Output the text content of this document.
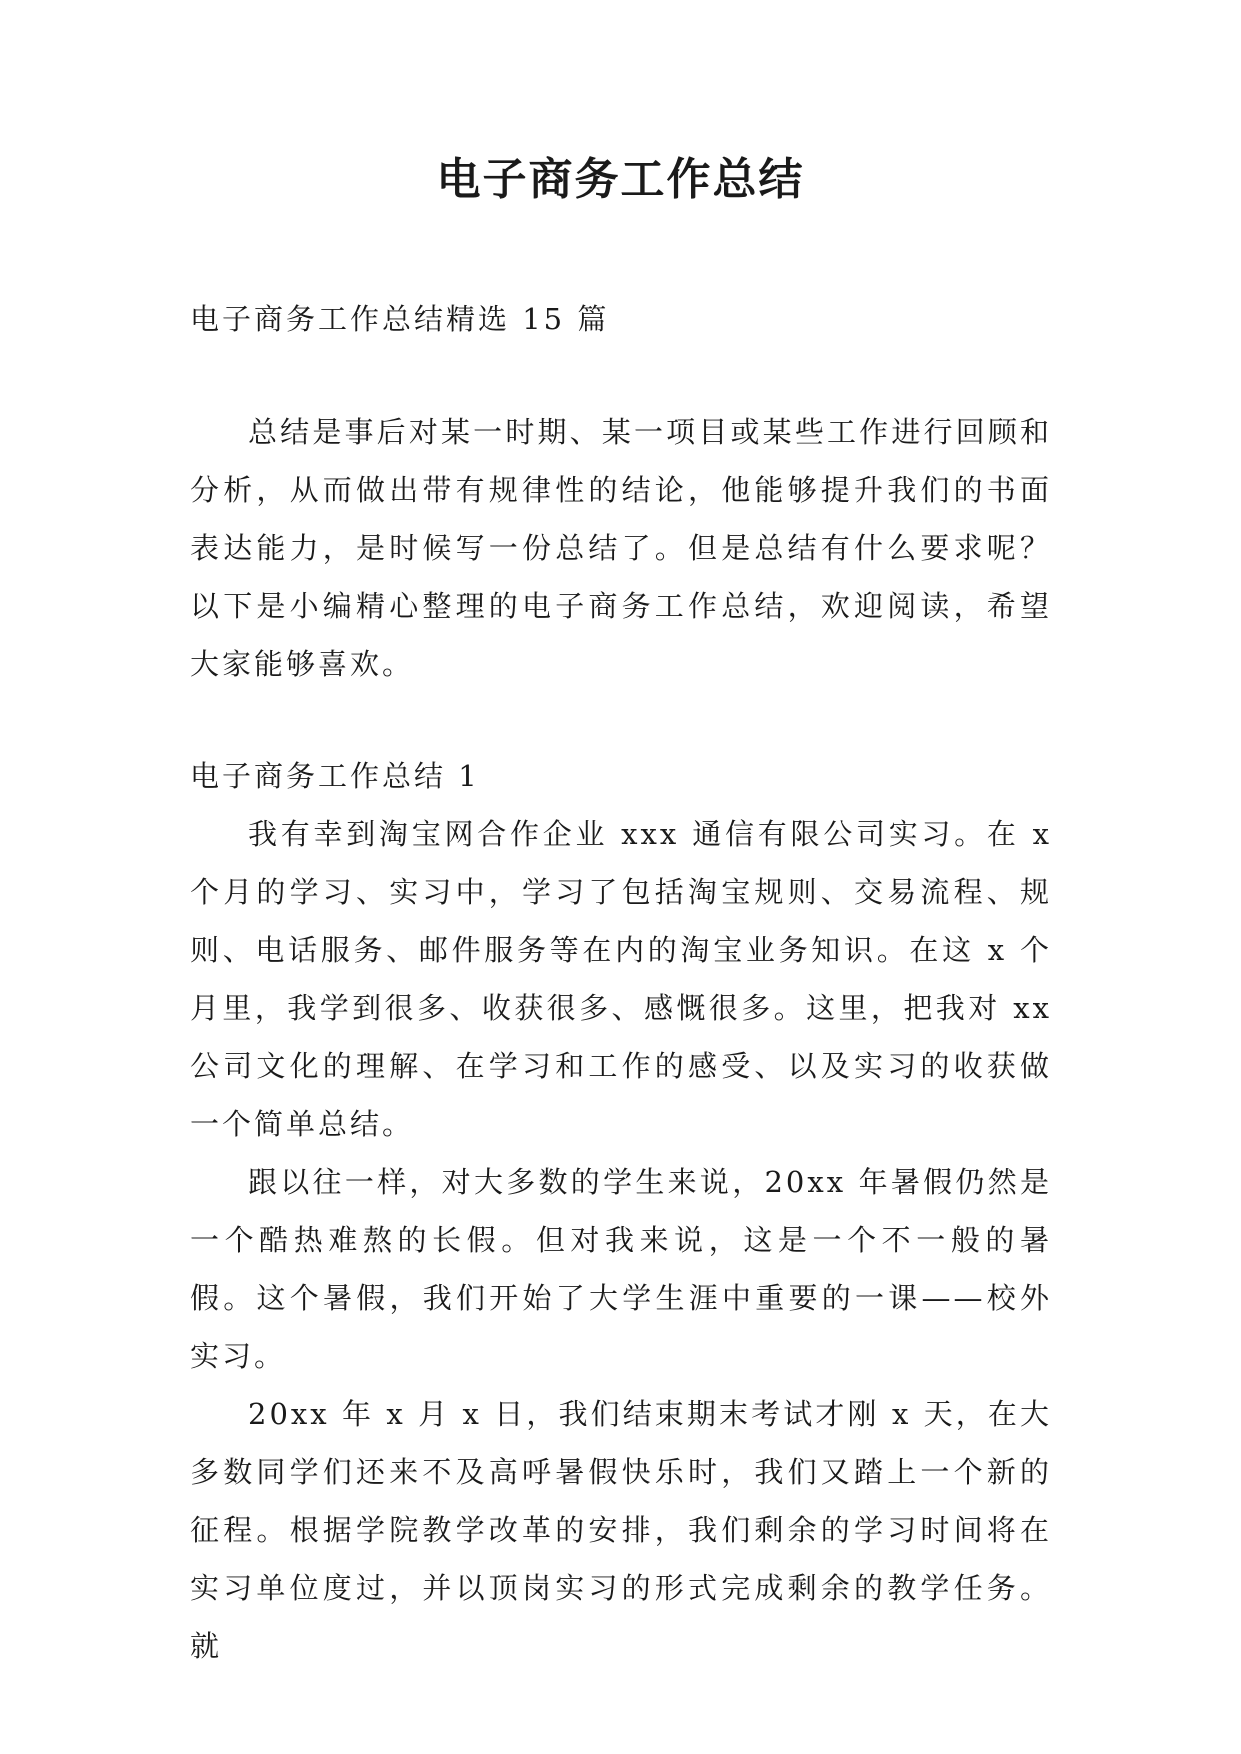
电子商务工作总结
电子商务工作总结精选 15 篇

总结是事后对某一时期、某一项目或某些工作进行回顾和分析，从而做出带有规律性的结论，他能够提升我们的书面表达能力，是时候写一份总结了。但是总结有什么要求呢？以下是小编精心整理的电子商务工作总结，欢迎阅读，希望大家能够喜欢。

电子商务工作总结 1

我有幸到淘宝网合作企业 xxx 通信有限公司实习。在 x 个月的学习、实习中，学习了包括淘宝规则、交易流程、规则、电话服务、邮件服务等在内的淘宝业务知识。在这 x 个月里，我学到很多、收获很多、感慨很多。这里，把我对 xx 公司文化的理解、在学习和工作的感受、以及实习的收获做一个简单总结。

跟以往一样，对大多数的学生来说，20xx 年暑假仍然是一个酷热难熬的长假。但对我来说，这是一个不一般的暑假。这个暑假，我们开始了大学生涯中重要的一课——校外实习。

20xx 年 x 月 x 日，我们结束期末考试才刚 x 天，在大多数同学们还来不及高呼暑假快乐时，我们又踏上一个新的征程。根据学院教学改革的安排，我们剩余的学习时间将在实习单位度过，并以顶岗实习的形式完成剩余的教学任务。就
